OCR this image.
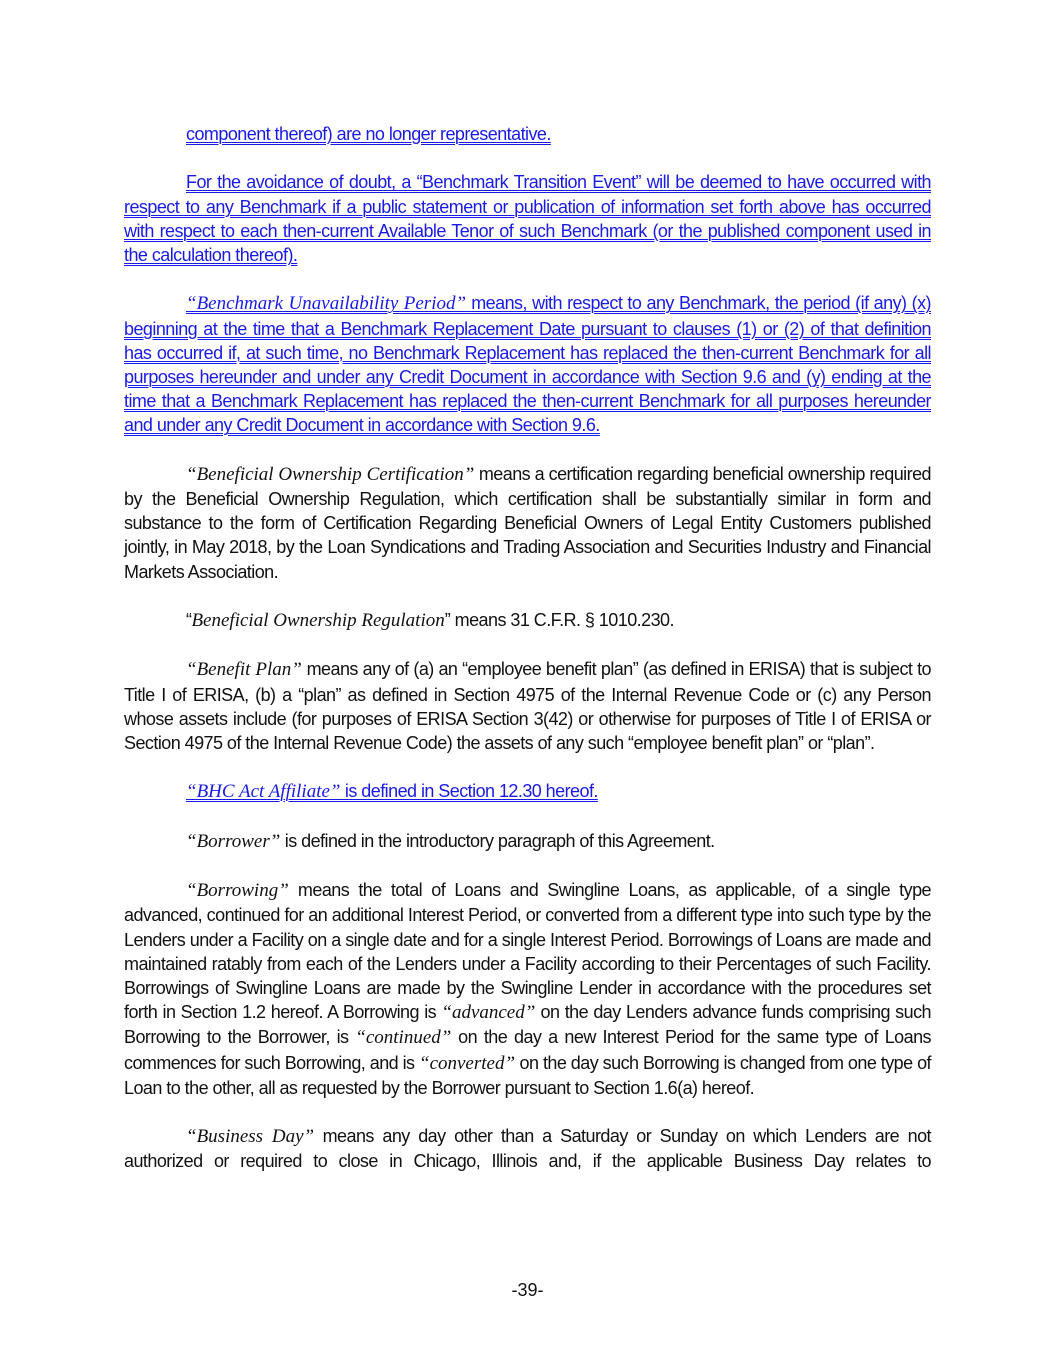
component thereof) are no longer representative.

For the avoidance of doubt, a “Benchmark Transition Event” will be deemed to have occurred with respect to any Benchmark if a public statement or publication of information set forth above has occurred with respect to each then-current Available Tenor of such Benchmark (or the published component used in the calculation thereof).

“Benchmark Unavailability Period” means, with respect to any Benchmark, the period (if any) (x) beginning at the time that a Benchmark Replacement Date pursuant to clauses (1) or (2) of that definition has occurred if, at such time, no Benchmark Replacement has replaced the then-current Benchmark for all purposes hereunder and under any Credit Document in accordance with Section 9.6 and (y) ending at the time that a Benchmark Replacement has replaced the then-current Benchmark for all purposes hereunder and under any Credit Document in accordance with Section 9.6.

“Beneficial Ownership Certification” means a certification regarding beneficial ownership required by the Beneficial Ownership Regulation, which certification shall be substantially similar in form and substance to the form of Certification Regarding Beneficial Owners of Legal Entity Customers published jointly, in May 2018, by the Loan Syndications and Trading Association and Securities Industry and Financial Markets Association.

“Beneficial Ownership Regulation” means 31 C.F.R. § 1010.230.

“Benefit Plan” means any of (a) an “employee benefit plan” (as defined in ERISA) that is subject to Title I of ERISA, (b) a “plan” as defined in Section 4975 of the Internal Revenue Code or (c) any Person whose assets include (for purposes of ERISA Section 3(42) or otherwise for purposes of Title I of ERISA or Section 4975 of the Internal Revenue Code) the assets of any such “employee benefit plan” or “plan”.

“BHC Act Affiliate” is defined in Section 12.30 hereof.

“Borrower” is defined in the introductory paragraph of this Agreement.

“Borrowing” means the total of Loans and Swingline Loans, as applicable, of a single type advanced, continued for an additional Interest Period, or converted from a different type into such type by the Lenders under a Facility on a single date and for a single Interest Period. Borrowings of Loans are made and maintained ratably from each of the Lenders under a Facility according to their Percentages of such Facility. Borrowings of Swingline Loans are made by the Swingline Lender in accordance with the procedures set forth in Section 1.2 hereof. A Borrowing is “advanced” on the day Lenders advance funds comprising such Borrowing to the Borrower, is “continued” on the day a new Interest Period for the same type of Loans commences for such Borrowing, and is “converted” on the day such Borrowing is changed from one type of Loan to the other, all as requested by the Borrower pursuant to Section 1.6(a) hereof.

“Business Day” means any day other than a Saturday or Sunday on which Lenders are not authorized or required to close in Chicago, Illinois and, if the applicable Business Day relates to

-39-
